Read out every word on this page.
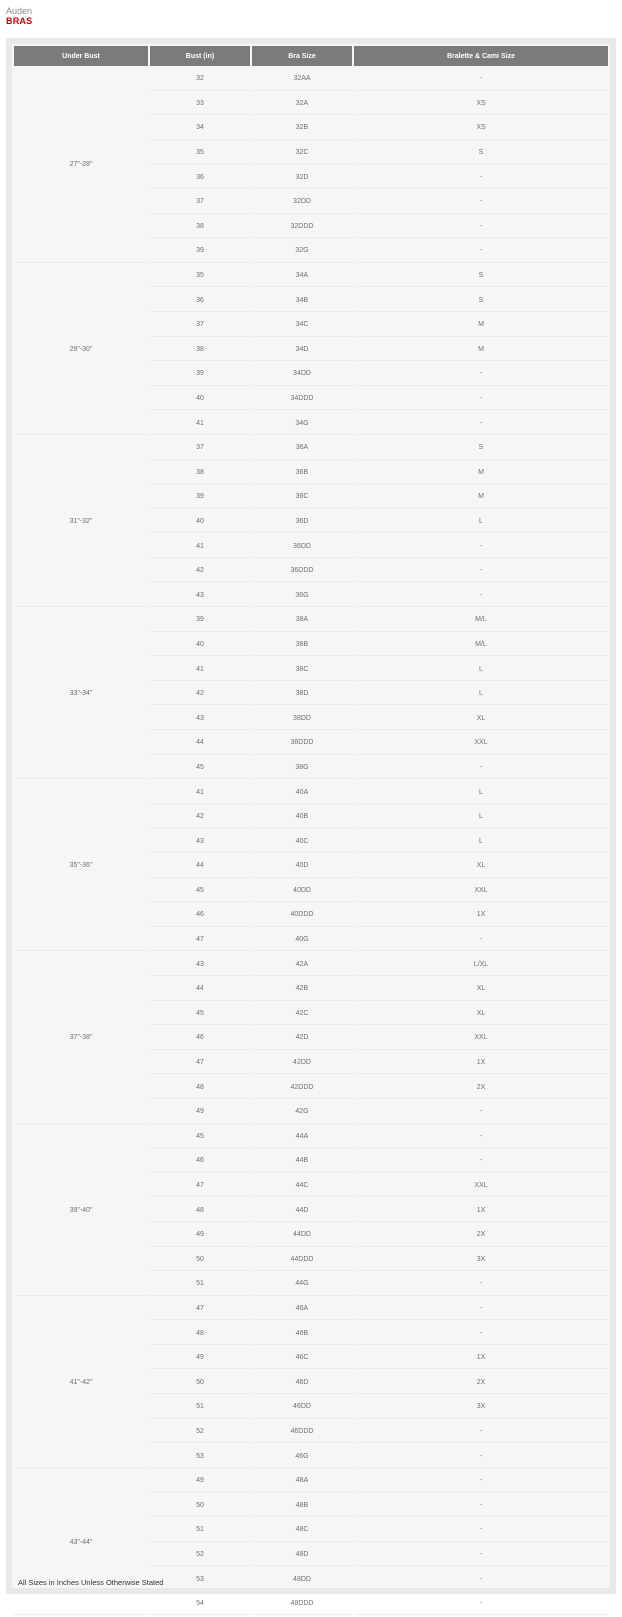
Auden
BRAS
Under Bust	Bust (in)	Bra Size	Bralette & Cami Size
27"-28"	32	32AA	-
	33	32A	XS
	34	32B	XS
	35	32C	S
	36	32D	-
	37	32DD	-
	38	32DDD	-
	39	32G	-
29"-30"	35	34A	S
	36	34B	S
	37	34C	M
	38	34D	M
	39	34DD	-
	40	34DDD	-
	41	34G	-
31"-32"	37	36A	S
	38	36B	M
	39	36C	M
	40	36D	L
	41	36DD	-
	42	36DDD	-
	43	36G	-
33"-34"	39	38A	M/L
	40	38B	M/L
	41	38C	L
	42	38D	L
	43	38DD	XL
	44	38DDD	XXL
	45	38G	-
35"-36"	41	40A	L
	42	40B	L
	43	40C	L
	44	40D	XL
	45	40DD	XXL
	46	40DDD	1X
	47	40G	-
37"-38"	43	42A	L/XL
	44	42B	XL
	45	42C	XL
	46	42D	XXL
	47	42DD	1X
	48	42DDD	2X
	49	42G	-
39"-40"	45	44A	-
	46	44B	-
	47	44C	XXL
	48	44D	1X
	49	44DD	2X
	50	44DDD	3X
	51	44G	-
41"-42"	47	46A	-
	48	46B	-
	49	46C	1X
	50	46D	2X
	51	46DD	3X
	52	46DDD	-
	53	46G	-
43"-44"	49	48A	-
	50	48B	-
	51	48C	-
	52	48D	-
	53	48DD	-
	54	48DDD	-
All Sizes in Inches Unless Otherwise Stated
